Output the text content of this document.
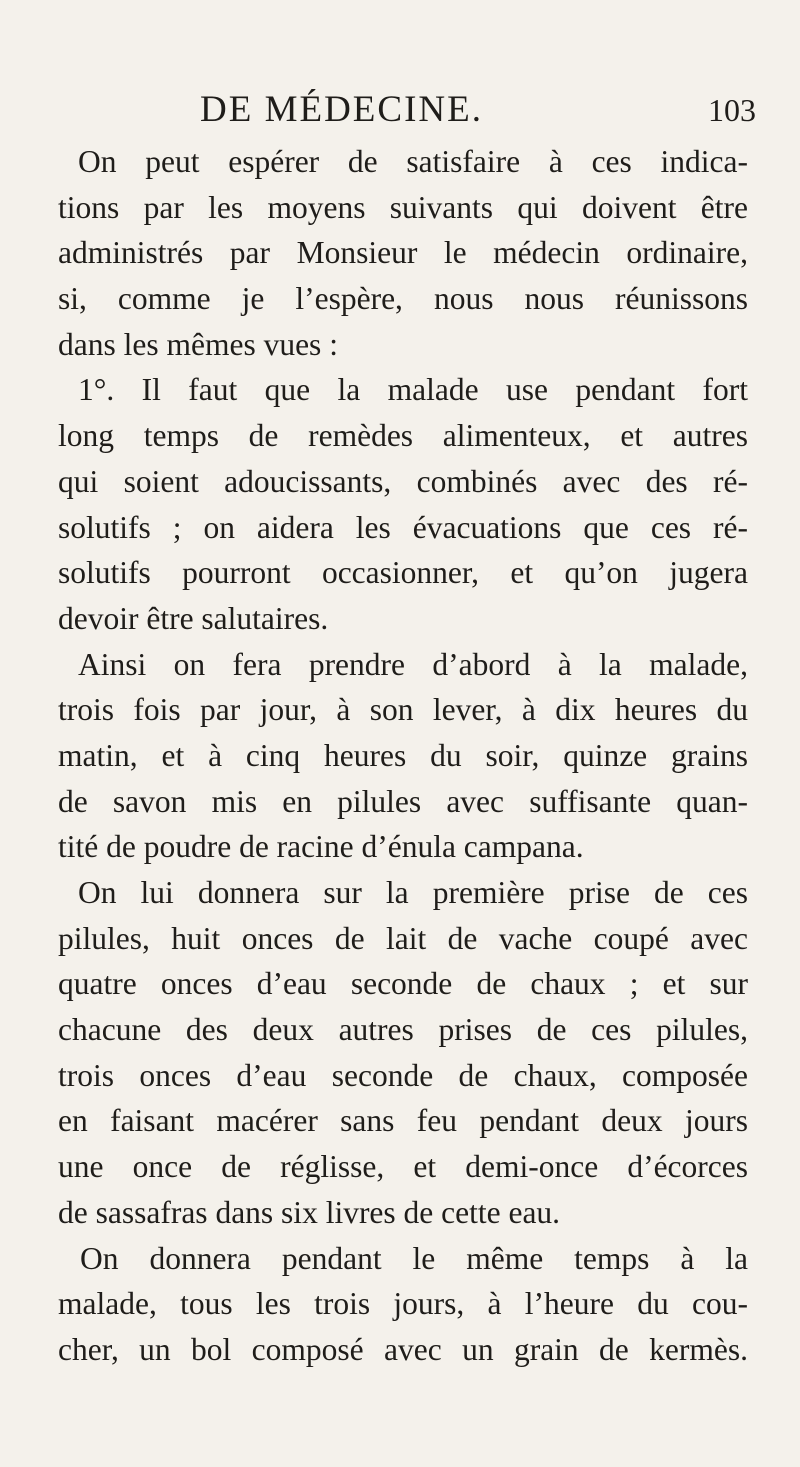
DE MÉDECINE.	103
On peut espérer de satisfaire à ces indica-
tions par les moyens suivants qui doivent être
administrés par Monsieur le médecin ordinaire,
si, comme je l’espère, nous nous réunissons
dans les mêmes vues :
1°. Il faut que la malade use pendant fort
long temps de remèdes alimenteux, et autres
qui soient adoucissants, combinés avec des ré-
solutifs ; on aidera les évacuations que ces ré-
solutifs pourront occasionner, et qu’on jugera
devoir être salutaires.
Ainsi on fera prendre d’abord à la malade,
trois fois par jour, à son lever, à dix heures du
matin, et à cinq heures du soir, quinze grains
de savon mis en pilules avec suffisante quan-
tité de poudre de racine d’énula campana.
On lui donnera sur la première prise de ces
pilules, huit onces de lait de vache coupé avec
quatre onces d’eau seconde de chaux ; et sur
chacune des deux autres prises de ces pilules,
trois onces d’eau seconde de chaux, composée
en faisant macérer sans feu pendant deux jours
une once de réglisse, et demi-once d’écorces
de sassafras dans six livres de cette eau.
On donnera pendant le même temps à la
malade, tous les trois jours, à l’heure du cou-
cher, un bol composé avec un grain de kermès.
